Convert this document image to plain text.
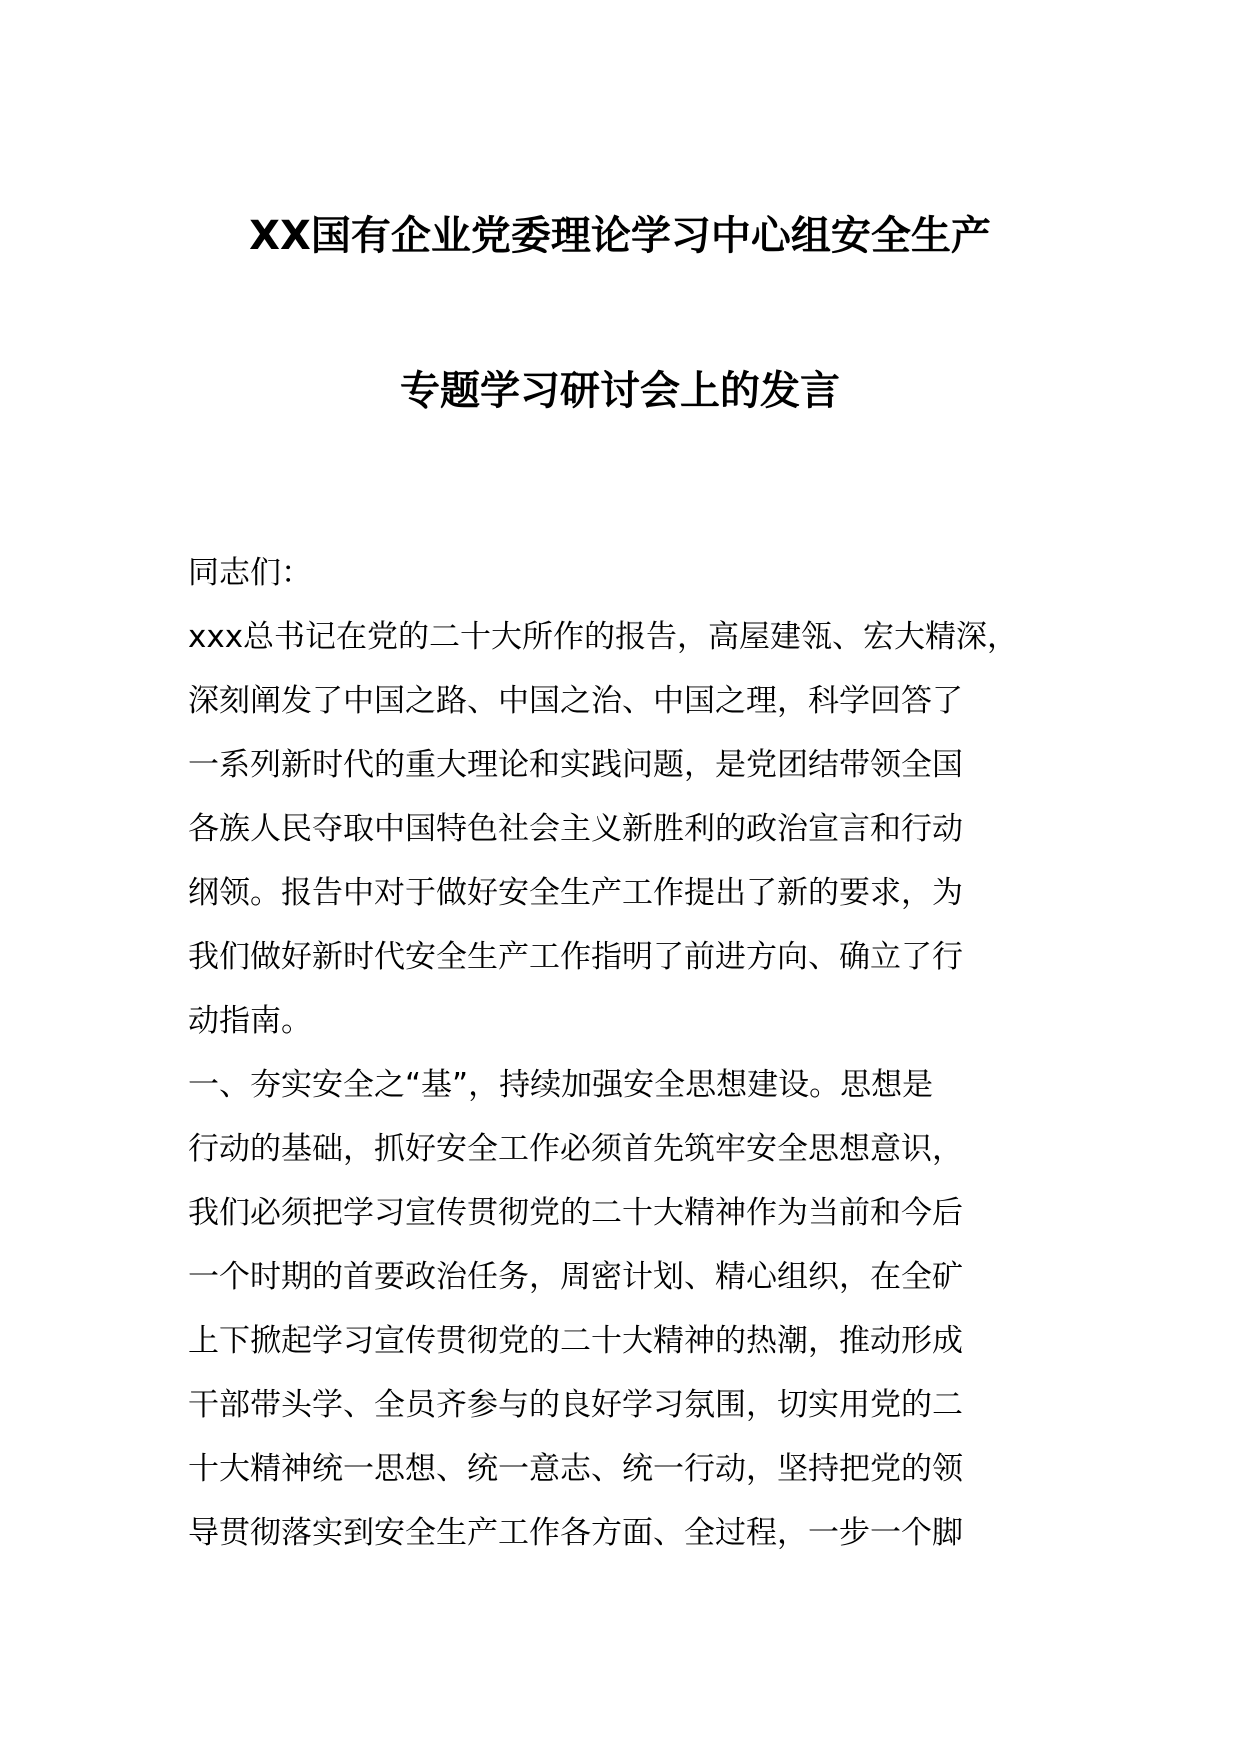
XX国有企业党委理论学习中心组安全生产
专题学习研讨会上的发言
同志们：
xxx总书记在党的二十大所作的报告，高屋建瓴、宏大精深，
深刻阐发了中国之路、中国之治、中国之理，科学回答了
一系列新时代的重大理论和实践问题，是党团结带领全国
各族人民夺取中国特色社会主义新胜利的政治宣言和行动
纲领。报告中对于做好安全生产工作提出了新的要求，为
我们做好新时代安全生产工作指明了前进方向、确立了行
动指南。
一、夯实安全之“基”，持续加强安全思想建设。思想是
行动的基础，抓好安全工作必须首先筑牢安全思想意识，
我们必须把学习宣传贯彻党的二十大精神作为当前和今后
一个时期的首要政治任务，周密计划、精心组织，在全矿
上下掀起学习宣传贯彻党的二十大精神的热潮，推动形成
干部带头学、全员齐参与的良好学习氛围，切实用党的二
十大精神统一思想、统一意志、统一行动，坚持把党的领
导贯彻落实到安全生产工作各方面、全过程，一步一个脚
